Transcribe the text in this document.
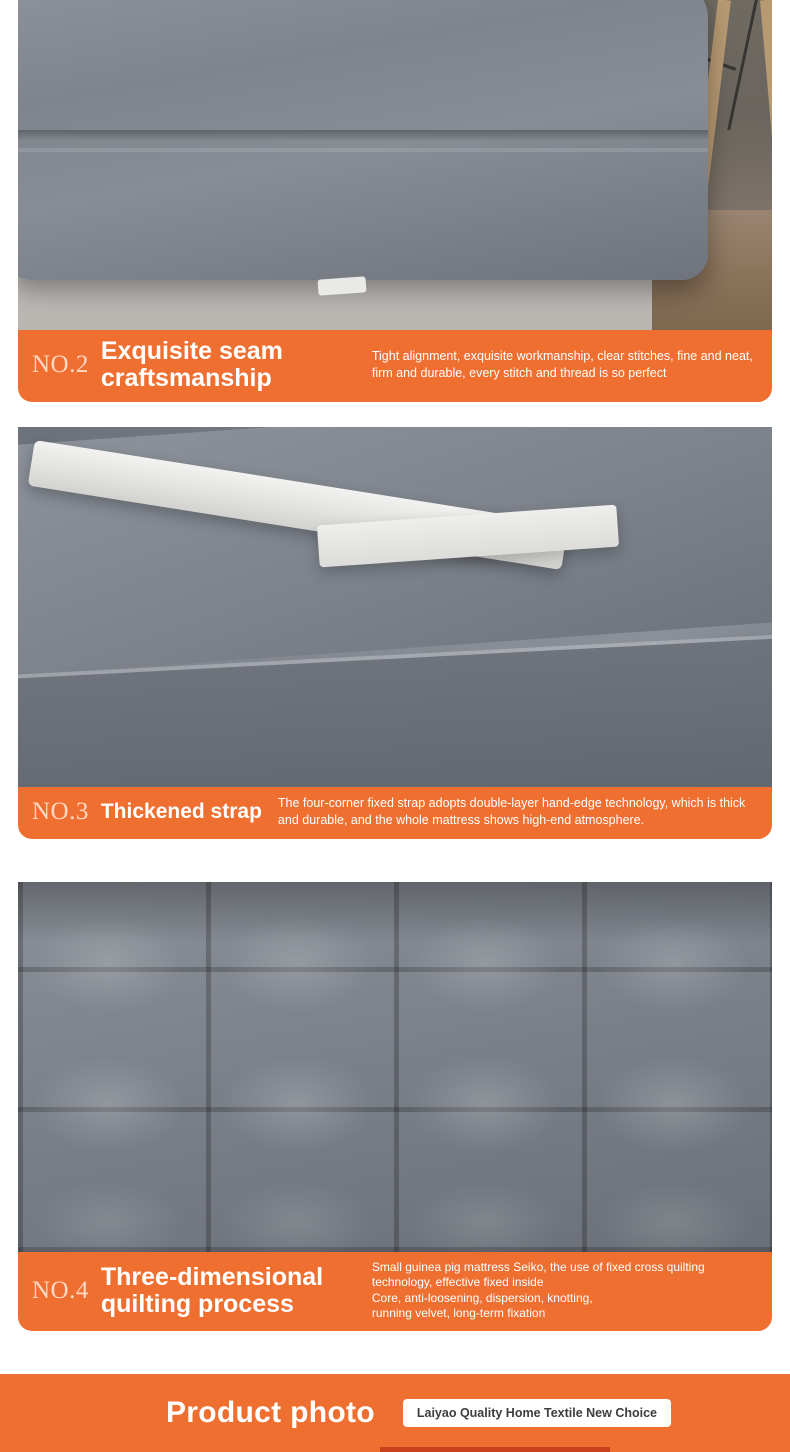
NO.2 Exquisite seam craftsmanship
Tight alignment, exquisite workmanship, clear stitches, fine and neat, firm and durable, every stitch and thread is so perfect
NO.3 Thickened strap The four-corner fixed strap adopts double-layer hand-edge technology, which is thick and durable, and the whole mattress shows high-end atmosphere.
NO.4 Three-dimensional quilting process

Small guinea pig mattress Seiko, the use of fixed cross quilting technology, effective fixed inside

Core, anti-loosening, dispersion, knotting,

running velvet, long-term fixation

Product photo	Laiyao Quality Home Textile New Choice
